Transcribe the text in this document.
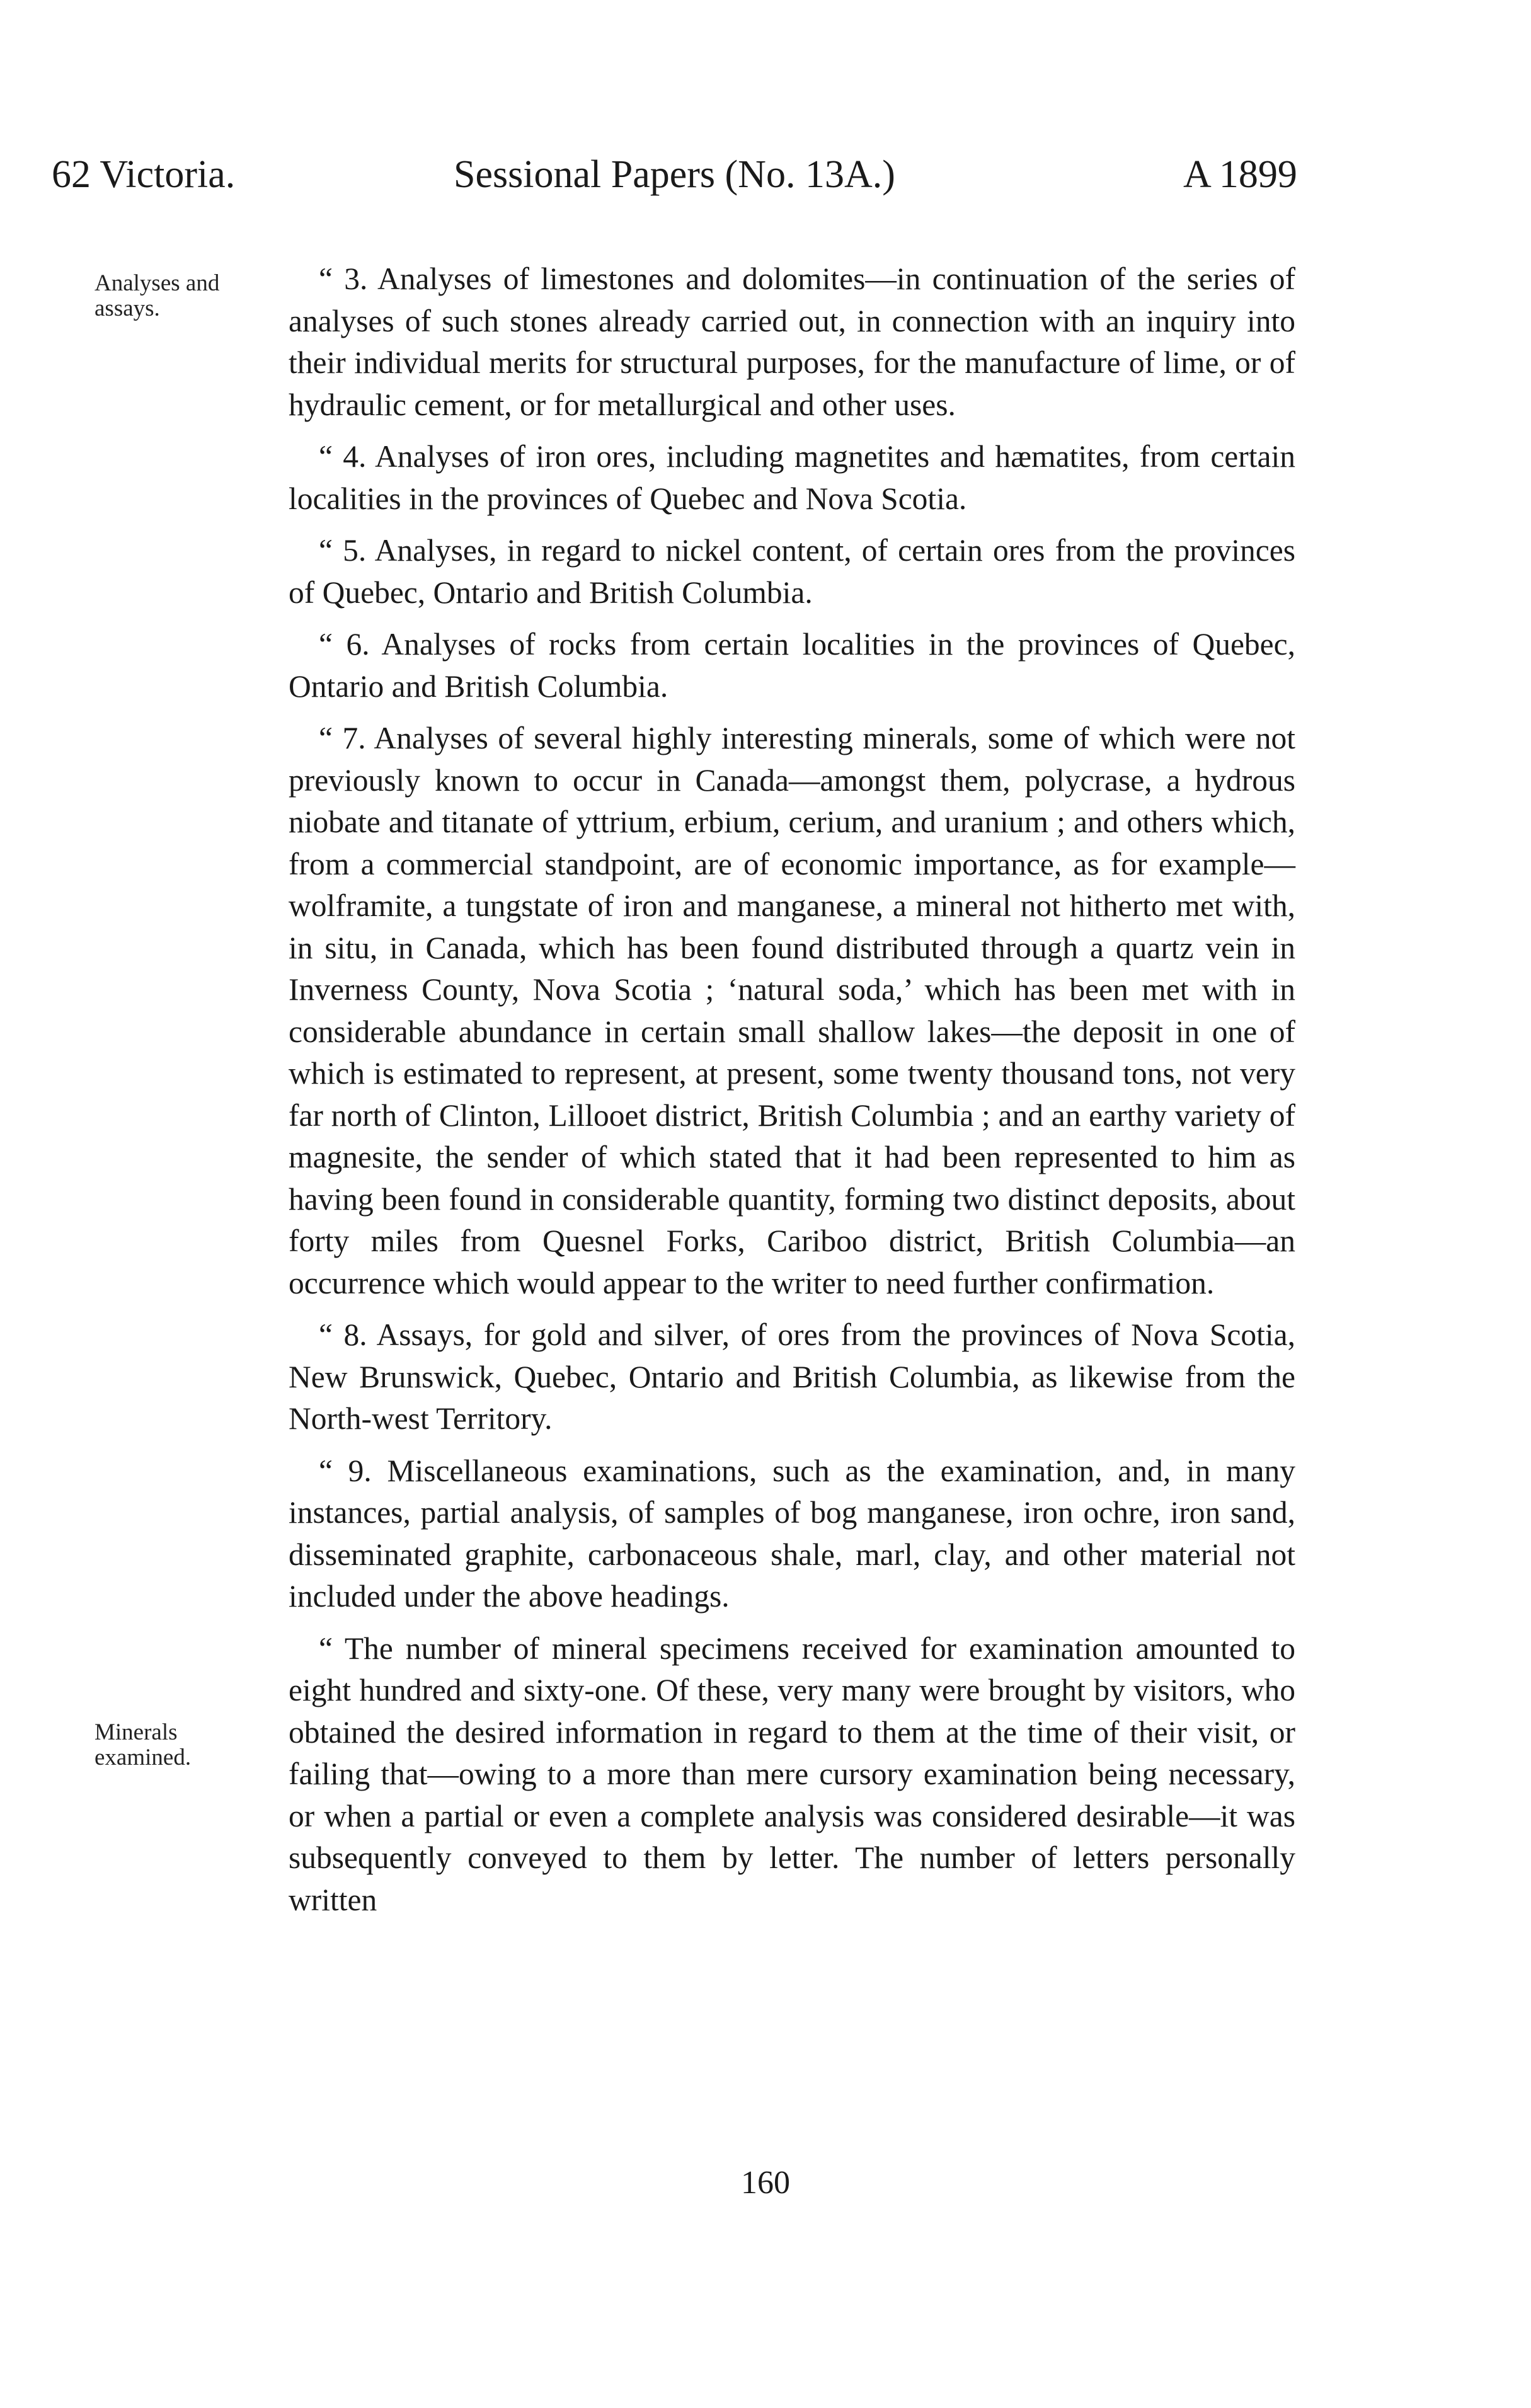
62 Victoria.	Sessional Papers (No. 13A.)	A 1899
Analyses and assays.
Minerals examined.

“ 3. Analyses of limestones and dolomites—in continuation of the series of analyses of such stones already carried out, in connection with an inquiry into their individual merits for structural purposes, for the manufacture of lime, or of hydraulic cement, or for metallurgical and other uses.

“ 4. Analyses of iron ores, including magnetites and hæmatites, from certain localities in the provinces of Quebec and Nova Scotia.

“ 5. Analyses, in regard to nickel content, of certain ores from the provinces of Quebec, Ontario and British Columbia.

“ 6. Analyses of rocks from certain localities in the provinces of Quebec, Ontario and British Columbia.

“ 7. Analyses of several highly interesting minerals, some of which were not previously known to occur in Canada—amongst them, polycrase, a hydrous niobate and titanate of yttrium, erbium, cerium, and uranium ; and others which, from a commercial standpoint, are of economic importance, as for example—wolframite, a tungstate of iron and manganese, a mineral not hitherto met with, in situ, in Canada, which has been found distributed through a quartz vein in Inverness County, Nova Scotia ; ‘natural soda,’ which has been met with in considerable abundance in certain small shallow lakes—the deposit in one of which is estimated to represent, at present, some twenty thousand tons, not very far north of Clinton, Lillooet district, British Columbia ; and an earthy variety of magnesite, the sender of which stated that it had been represented to him as having been found in considerable quantity, forming two distinct deposits, about forty miles from Quesnel Forks, Cariboo district, British Columbia—an occurrence which would appear to the writer to need further confirmation.

“ 8. Assays, for gold and silver, of ores from the provinces of Nova Scotia, New Brunswick, Quebec, Ontario and British Columbia, as likewise from the North-west Territory.

“ 9. Miscellaneous examinations, such as the examination, and, in many instances, partial analysis, of samples of bog manganese, iron ochre, iron sand, disseminated graphite, carbonaceous shale, marl, clay, and other material not included under the above headings.

“ The number of mineral specimens received for examination amounted to eight hundred and sixty-one. Of these, very many were brought by visitors, who obtained the desired information in regard to them at the time of their visit, or failing that—owing to a more than mere cursory examination being necessary, or when a partial or even a complete analysis was considered desirable—it was subsequently conveyed to them by letter. The number of letters personally written

160
